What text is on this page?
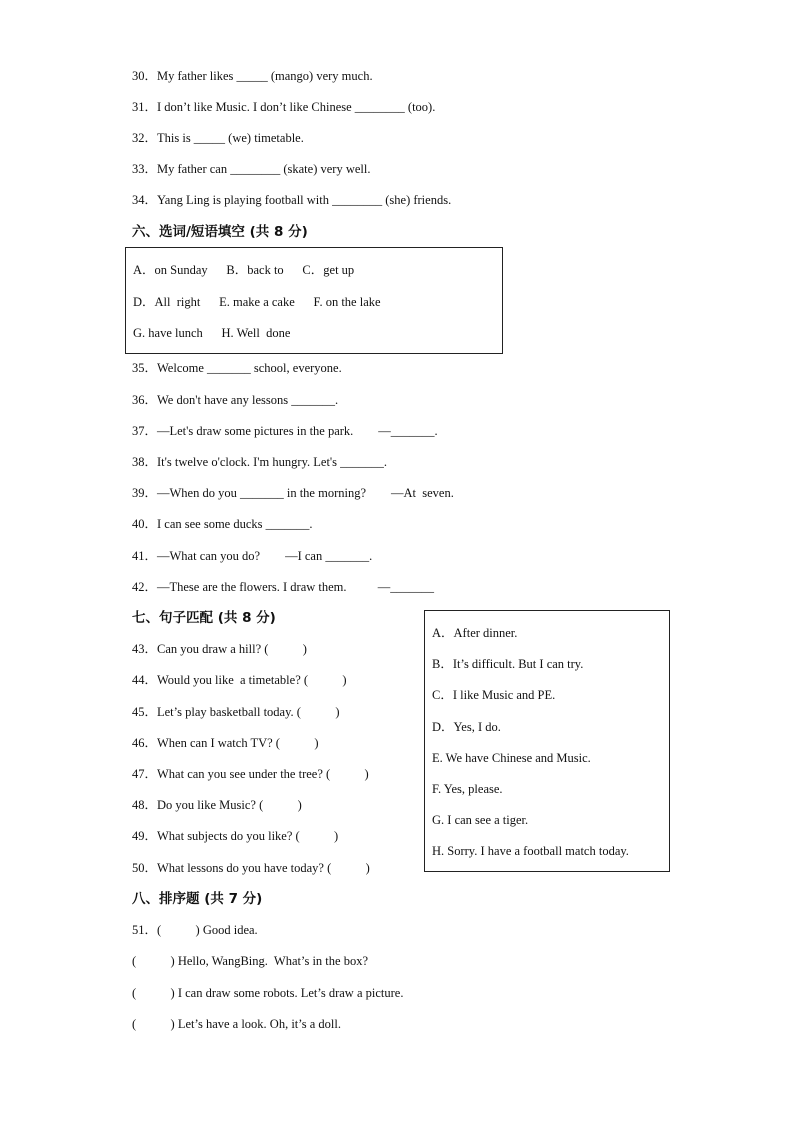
30．My father likes _____ (mango) very much.
31．I don’t like Music. I don’t like Chinese ________ (too).
32．This is _____ (we) timetable.
33．My father can ________ (skate) very well.
34．Yang Ling is playing football with ________ (she) friends.
六、选词/短语填空 (共 8 分)
A．on Sunday      B．back to      C．get up
D．All  right      E. make a cake      F. on the lake
G. have lunch      H. Well  done
35．Welcome _______ school, everyone.
36．We don't have any lessons _______.
37．—Let's draw some pictures in the park.        —_______.
38．It's twelve o'clock. I'm hungry. Let's _______.
39．—When do you _______ in the morning?        —At  seven.
40．I can see some ducks _______.
41．—What can you do?        —I can _______.
42．—These are the flowers. I draw them.          —_______
七、句子匹配 (共 8 分)
43．Can you draw a hill? (           )
44．Would you like  a timetable? (           )
45．Let’s play basketball today. (           )
46．When can I watch TV? (           )
47．What can you see under the tree? (           )
48．Do you like Music? (           )
49．What subjects do you like? (           )
50．What lessons do you have today? (           )
A．After dinner.
B．It’s difficult. But I can try.
C．I like Music and PE.
D．Yes, I do.
E. We have Chinese and Music.
F. Yes, please.
G. I can see a tiger.
H. Sorry. I have a football match today.
八、排序题 (共 7 分)
51．(           ) Good idea.
(           ) Hello, WangBing.  What’s in the box?
(           ) I can draw some robots. Let’s draw a picture.
(           ) Let’s have a look. Oh, it’s a doll.
